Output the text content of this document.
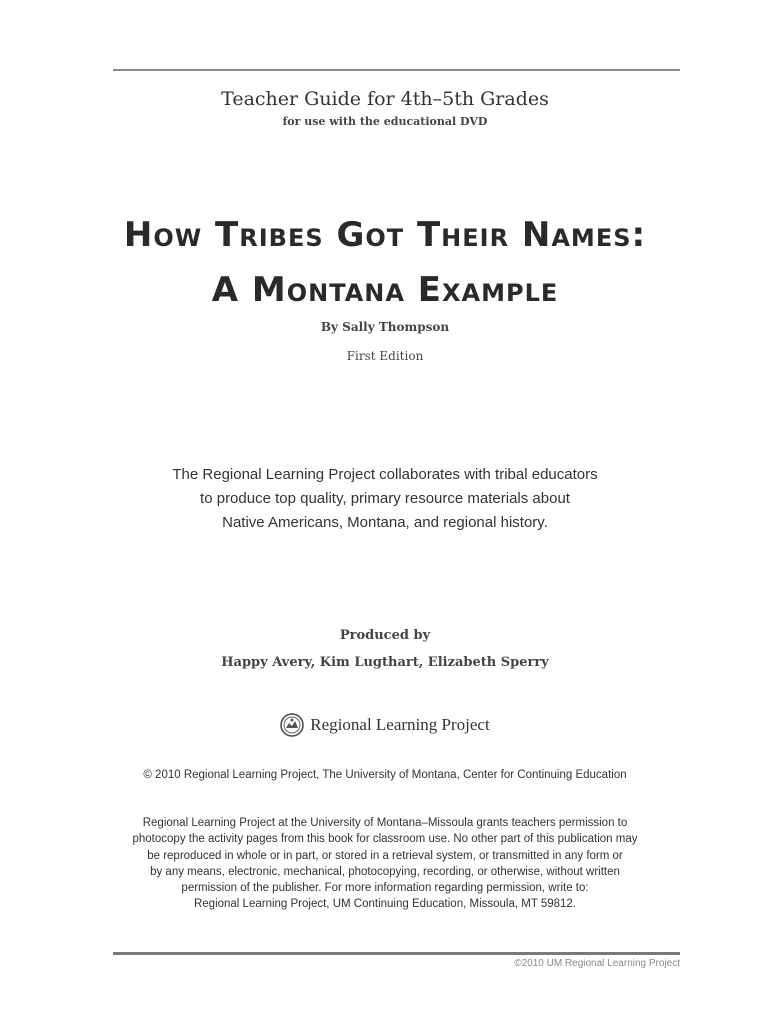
Teacher Guide for 4th–5th Grades
for use with the educational DVD
How Tribes Got Their Names:
A Montana Example
By Sally Thompson
First Edition
The Regional Learning Project collaborates with tribal educators
to produce top quality, primary resource materials about
Native Americans, Montana, and regional history.
Produced by
Happy Avery, Kim Lugthart, Elizabeth Sperry
Regional Learning Project
© 2010 Regional Learning Project, The University of Montana, Center for Continuing Education
Regional Learning Project at the University of Montana–Missoula grants teachers permission to
photocopy the activity pages from this book for classroom use. No other part of this publication may
be reproduced in whole or in part, or stored in a retrieval system, or transmitted in any form or
by any means, electronic, mechanical, photocopying, recording, or otherwise, without written
permission of the publisher. For more information regarding permission, write to:
Regional Learning Project, UM Continuing Education, Missoula, MT 59812.
©2010 UM Regional Learning Project
